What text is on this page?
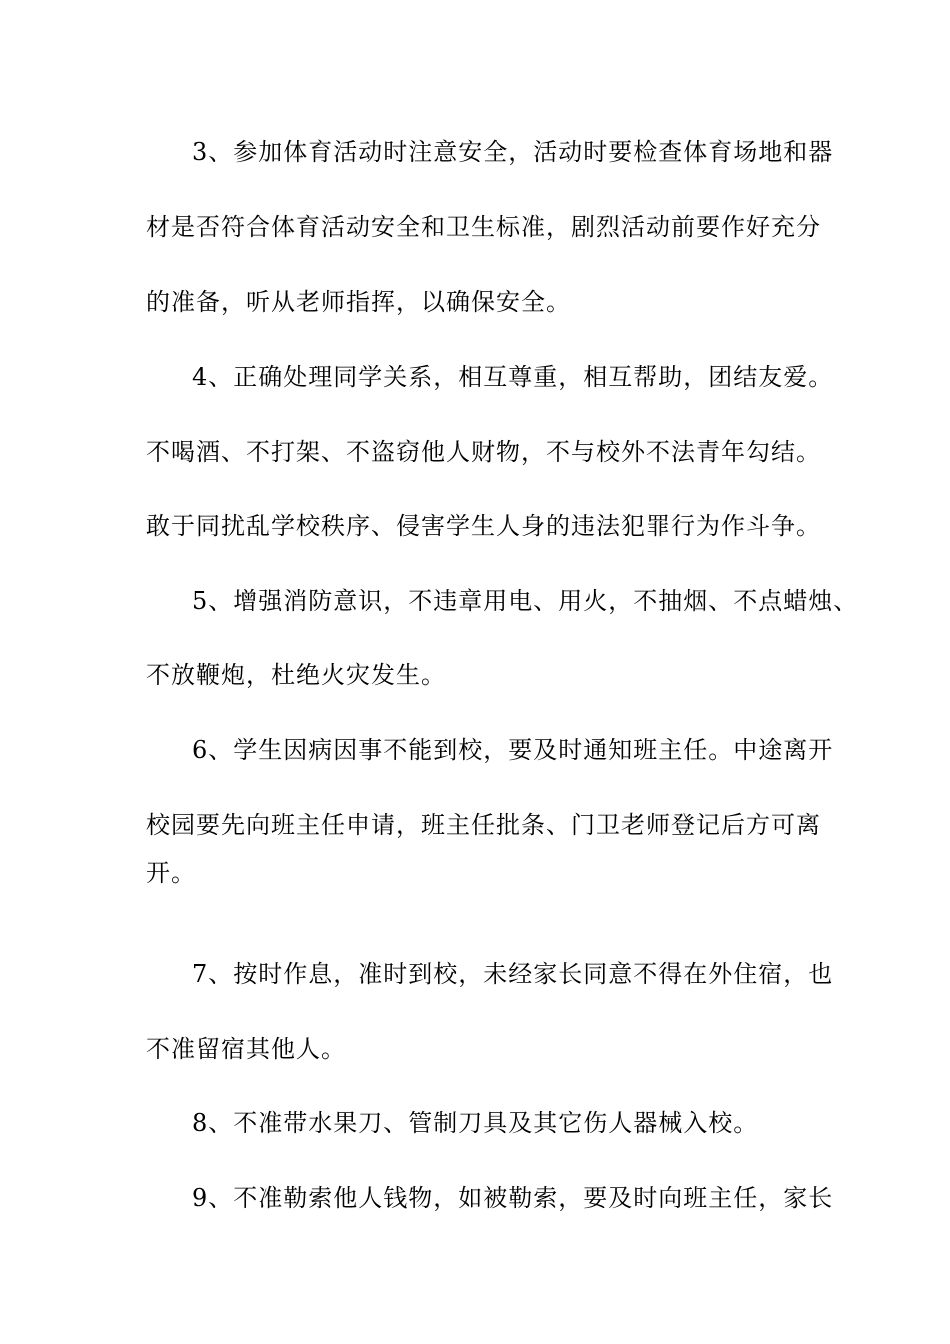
3、参加体育活动时注意安全，活动时要检查体育场地和器
材是否符合体育活动安全和卫生标准，剧烈活动前要作好充分
的准备，听从老师指挥，以确保安全。
4、正确处理同学关系，相互尊重，相互帮助，团结友爱。
不喝酒、不打架、不盗窃他人财物，不与校外不法青年勾结。
敢于同扰乱学校秩序、侵害学生人身的违法犯罪行为作斗争。
5、增强消防意识，不违章用电、用火，不抽烟、不点蜡烛、
不放鞭炮，杜绝火灾发生。
6、学生因病因事不能到校，要及时通知班主任。中途离开
校园要先向班主任申请，班主任批条、门卫老师登记后方可离
开。
7、按时作息，准时到校，未经家长同意不得在外住宿，也
不准留宿其他人。
8、不准带水果刀、管制刀具及其它伤人器械入校。
9、不准勒索他人钱物，如被勒索，要及时向班主任，家长
